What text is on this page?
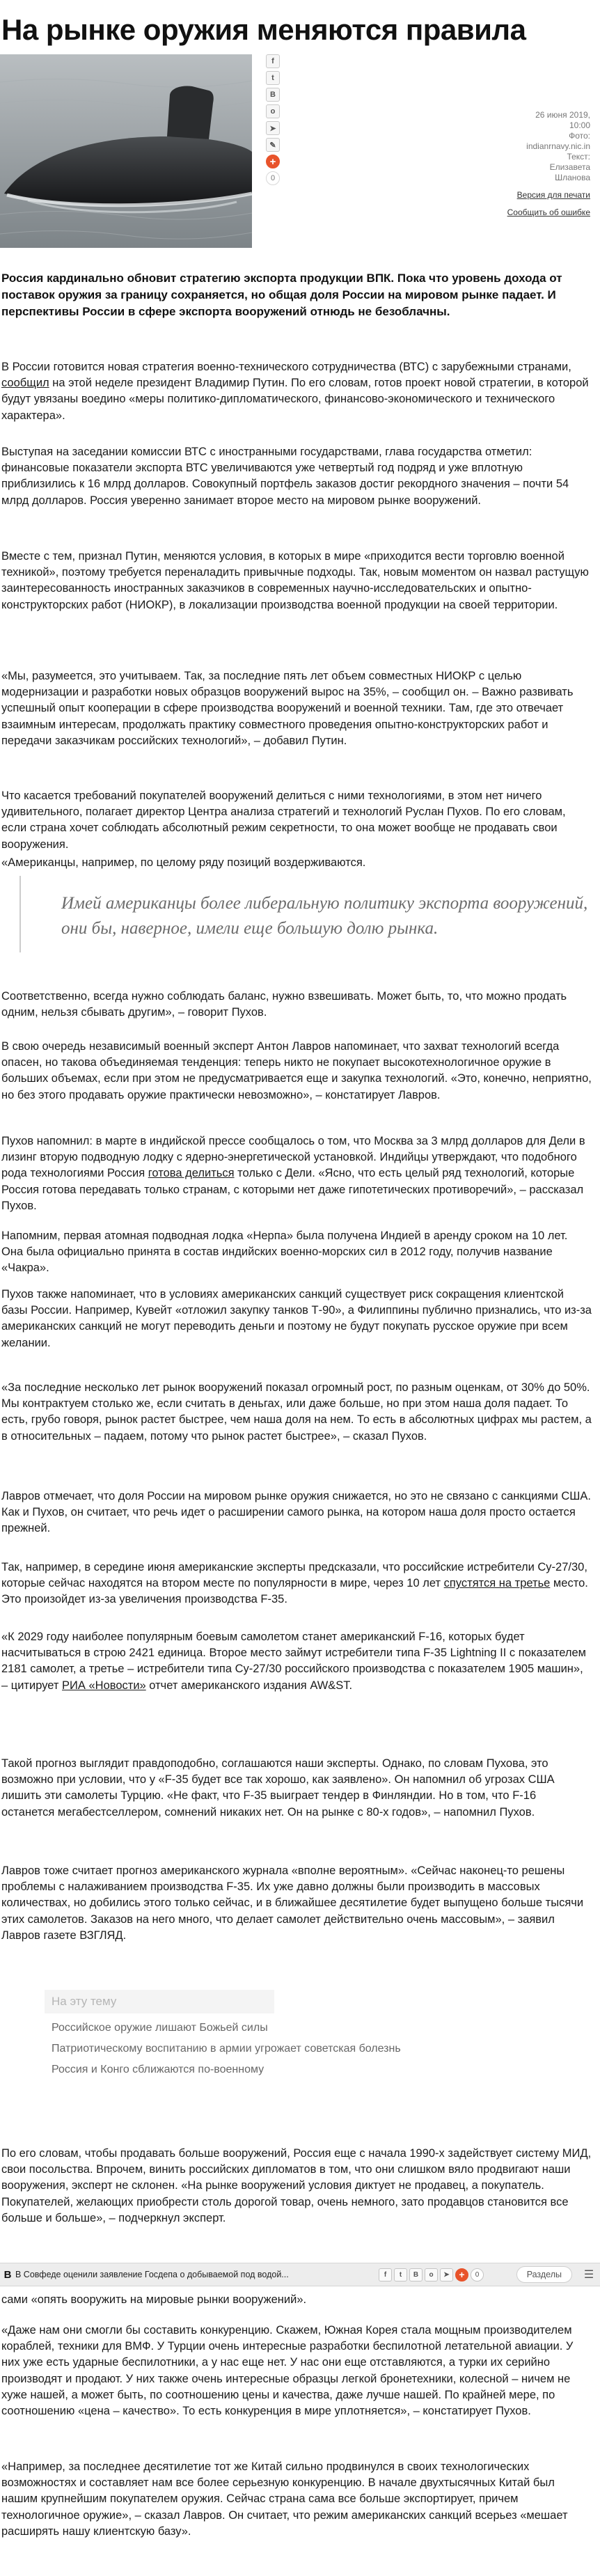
На рынке оружия меняются правила
f
t
B
o
➤
✎
+
0
26 июня 2019,
10:00
Фото:
indianrnavy.nic.in
Текст:
Елизавета
Шланова
Версия для печати
Сообщить об ошибке

Россия кардинально обновит стратегию экспорта продукции ВПК. Пока что уровень дохода от поставок оружия за границу сохраняется, но общая доля России на мировом рынке падает. И перспективы России в сфере экспорта вооружений отнюдь не безоблачны.

В России готовится новая стратегия военно-технического сотрудничества (ВТС) с зарубежными странами, сообщил на этой неделе президент Владимир Путин. По его словам, готов проект новой стратегии, в которой будут увязаны воедино «меры политико-дипломатического, финансово-экономического и технического характера».

Выступая на заседании комиссии ВТС с иностранными государствами, глава государства отметил: финансовые показатели экспорта ВТС увеличиваются уже четвертый год подряд и уже вплотную приблизились к 16 млрд долларов. Совокупный портфель заказов достиг рекордного значения – почти 54 млрд долларов. Россия уверенно занимает второе место на мировом рынке вооружений.

Вместе с тем, признал Путин, меняются условия, в которых в мире «приходится вести торговлю военной техникой», поэтому требуется переналадить привычные подходы. Так, новым моментом он назвал растущую заинтересованность иностранных заказчиков в современных научно-исследовательских и опытно-конструкторских работ (НИОКР), в локализации производства военной продукции на своей территории.

«Мы, разумеется, это учитываем. Так, за последние пять лет объем совместных НИОКР с целью модернизации и разработки новых образцов вооружений вырос на 35%, – сообщил он. – Важно развивать успешный опыт кооперации в сфере производства вооружений и военной техники. Там, где это отвечает взаимным интересам, продолжать практику совместного проведения опытно-конструкторских работ и передачи заказчикам российских технологий», – добавил Путин.

Что касается требований покупателей вооружений делиться с ними технологиями, в этом нет ничего удивительного, полагает директор Центра анализа стратегий и технологий Руслан Пухов. По его словам, если страна хочет соблюдать абсолютный режим секретности, то она может вообще не продавать свои вооружения.

«Американцы, например, по целому ряду позиций воздерживаются.

Имей американцы более либеральную политику экспорта вооружений, они бы, наверное, имели еще большую долю рынка.

Соответственно, всегда нужно соблюдать баланс, нужно взвешивать. Может быть, то, что можно продать одним, нельзя сбывать другим», – говорит Пухов.

В свою очередь независимый военный эксперт Антон Лавров напоминает, что захват технологий всегда опасен, но такова объединяемая тенденция: теперь никто не покупает высокотехнологичное оружие в больших объемах, если при этом не предусматривается еще и закупка технологий. «Это, конечно, неприятно, но без этого продавать оружие практически невозможно», – констатирует Лавров.

Пухов напомнил: в марте в индийской прессе сообщалось о том, что Москва за 3 млрд долларов для Дели в лизинг вторую подводную лодку с ядерно-энергетической установкой. Индийцы утверждают, что подобного рода технологиями Россия готова делиться только с Дели. «Ясно, что есть целый ряд технологий, которые Россия готова передавать только странам, с которыми нет даже гипотетических противоречий», – рассказал Пухов.

Напомним, первая атомная подводная лодка «Нерпа» была получена Индией в аренду сроком на 10 лет. Она была официально принята в состав индийских военно-морских сил в 2012 году, получив название «Чакра».

Пухов также напоминает, что в условиях американских санкций существует риск сокращения клиентской базы России. Например, Кувейт «отложил закупку танков Т-90», а Филиппины публично признались, что из-за американских санкций не могут переводить деньги и поэтому не будут покупать русское оружие при всем желании.

«За последние несколько лет рынок вооружений показал огромный рост, по разным оценкам, от 30% до 50%. Мы контрактуем столько же, если считать в деньгах, или даже больше, но при этом наша доля падает. То есть, грубо говоря, рынок растет быстрее, чем наша доля на нем. То есть в абсолютных цифрах мы растем, а в относительных – падаем, потому что рынок растет быстрее», – сказал Пухов.

Лавров отмечает, что доля России на мировом рынке оружия снижается, но это не связано с санкциями США. Как и Пухов, он считает, что речь идет о расширении самого рынка, на котором наша доля просто остается прежней.

Так, например, в середине июня американские эксперты предсказали, что российские истребители Су-27/30, которые сейчас находятся на втором месте по популярности в мире, через 10 лет спустятся на третье место. Это произойдет из-за увеличения производства F-35.

«К 2029 году наиболее популярным боевым самолетом станет американский F-16, которых будет насчитываться в строю 2421 единица. Второе место займут истребители типа F-35 Lightning II с показателем 2181 самолет, а третье – истребители типа Су-27/30 российского производства с показателем 1905 машин», – цитирует РИА «Новости» отчет американского издания AW&ST.

Такой прогноз выглядит правдоподобно, соглашаются наши эксперты. Однако, по словам Пухова, это возможно при условии, что у «F-35 будет все так хорошо, как заявлено». Он напомнил об угрозах США лишить эти самолеты Турцию. «Не факт, что F-35 выиграет тендер в Финляндии. Но в том, что F-16 останется мегабестселлером, сомнений никаких нет. Он на рынке с 80-х годов», – напомнил Пухов.

Лавров тоже считает прогноз американского журнала «вполне вероятным». «Сейчас наконец-то решены проблемы с налаживанием производства F-35. Их уже давно должны были производить в массовых количествах, но добились этого только сейчас, и в ближайшее десятилетие будет выпущено больше тысячи этих самолетов. Заказов на него много, что делает самолет действительно очень массовым», – заявил Лавров газете ВЗГЛЯД.

На эту тему
Российское оружие лишают Божьей силы
Патриотическому воспитанию в армии угрожает советская болезнь
Россия и Конго сближаются по-военному

По его словам, чтобы продавать больше вооружений, Россия еще с начала 1990-х задействует систему МИД, свои посольства. Впрочем, винить российских дипломатов в том, что они слишком вяло продвигают наши вооружения, эксперт не склонен. «На рынке вооружений условия диктует не продавец, а покупатель. Покупателей, желающих приобрести столь дорогой товар, очень немного, зато продавцов становится все больше и больше», – подчеркнул эксперт.

В В Совфеде оценили заявление Госдепа о добываемой под водой...	f	t	B	o	➤ +	0	Разделы	☰

сами «опять вооружить на мировые рынки вооружений».

«Даже нам они смогли бы составить конкуренцию. Скажем, Южная Корея стала мощным производителем кораблей, техники для ВМФ. У Турции очень интересные разработки беспилотной летательной авиации. У них уже есть ударные беспилотники, а у нас еще нет. У нас они еще отставляются, а турки их серийно производят и продают. У них также очень интересные образцы легкой бронетехники, колесной – ничем не хуже нашей, а может быть, по соотношению цены и качества, даже лучше нашей. По крайней мере, по соотношению «цена – качество». То есть конкуренция в мире уплотняется», – констатирует Пухов.

«Например, за последнее десятилетие тот же Китай сильно продвинулся в своих технологических возможностях и составляет нам все более серьезную конкуренцию. В начале двухтысячных Китай был нашим крупнейшим покупателем оружия. Сейчас страна сама все больше экспортирует, причем технологичное оружие», – сказал Лавров. Он считает, что режим американских санкций всерьез «мешает расширять нашу клиентскую базу».
